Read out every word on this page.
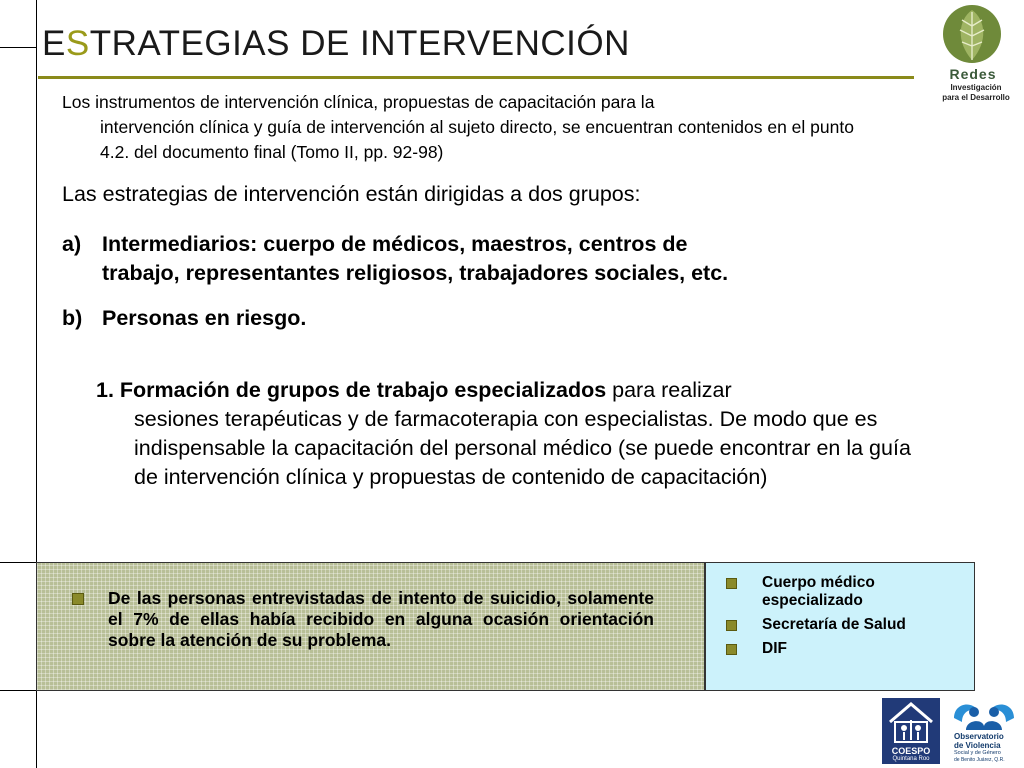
ESTRATEGIAS DE INTERVENCIÓN
Redes
Investigación
para el Desarrollo
Los instrumentos de intervención clínica, propuestas de capacitación para la
intervención clínica y guía de intervención al sujeto directo, se encuentran contenidos en el punto 4.2. del documento final (Tomo II, pp. 92-98)
Las estrategias de intervención están dirigidas a dos grupos:
a) Intermediarios: cuerpo de médicos, maestros, centros de
trabajo, representantes religiosos, trabajadores sociales, etc.
b) Personas en riesgo.
1. Formación de grupos de trabajo especializados para realizar
sesiones terapéuticas y de farmacoterapia con especialistas. De modo que es indispensable la capacitación del personal médico (se puede encontrar en la guía de intervención clínica y propuestas de contenido de capacitación)
De las personas entrevistadas de intento de suicidio, solamente el 7% de ellas había recibido en alguna ocasión orientación sobre la atención de su problema.
Cuerpo médico especializado
Secretaría de Salud
DIF
COESPO
Quintana Roo
Observatorio
de Violencia
Social y de Género
de Benito Juárez, Q.R.
